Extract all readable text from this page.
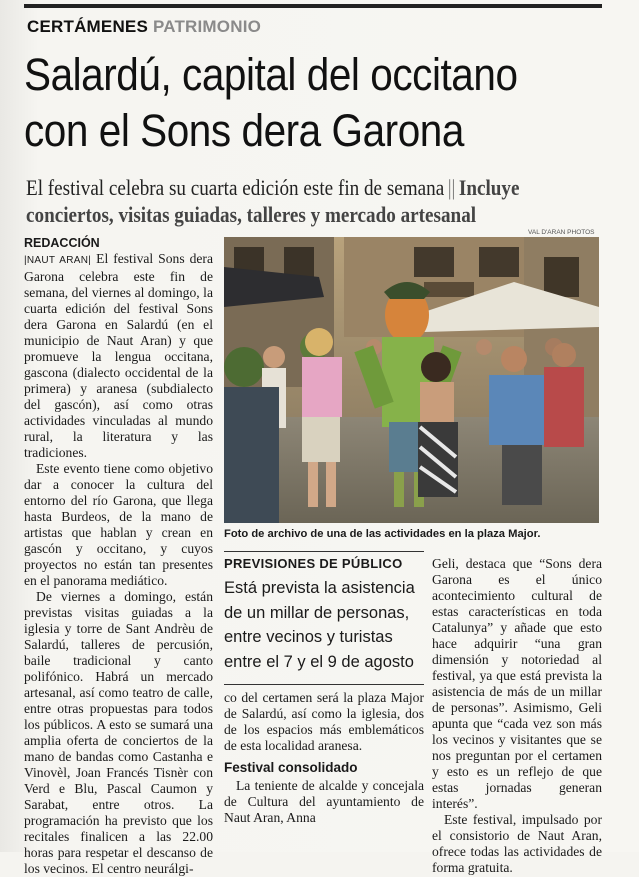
CERTÁMENES PATRIMONIO
Salardú, capital del occitano
con el Sons dera Garona
El festival celebra su cuarta edición este fin de semana || Incluye
conciertos, visitas guiadas, talleres y mercado artesanal
REDACCIÓN

|NAUT ARAN| El festival Sons dera Garona celebra este fin de semana, del viernes al domingo, la cuarta edición del festival Sons dera Garona en Salardú (en el municipio de Naut Aran) y que promueve la lengua occitana, gascona (dialecto occidental de la primera) y aranesa (subdialecto del gascón), así como otras actividades vinculadas al mundo rural, la literatura y las tradiciones.

Este evento tiene como objetivo dar a conocer la cultura del entorno del río Garona, que llega hasta Burdeos, de la mano de artistas que hablan y crean en gascón y occitano, y cuyos proyectos no están tan presentes en el panorama mediático.

De viernes a domingo, están previstas visitas guiadas a la iglesia y torre de Sant Andrèu de Salardú, talleres de percusión, baile tradicional y canto polifónico. Habrá un mercado artesanal, así como teatro de calle, entre otras propuestas para todos los públicos. A esto se sumará una amplia oferta de conciertos de la mano de bandas como Castanha e Vinovèl, Joan Francés Tisnèr con Verd e Blu, Pascal Caumon y Sarabat, entre otros. La programación ha previsto que los recitales finalicen a las 22.00 horas para respetar el descanso de los vecinos. El centro neurálgi-

VAL D'ARAN PHOTOS
Foto de archivo de una de las actividades en la plaza Major.
PREVISIONES DE PÚBLICO
Está prevista la asistencia de un millar de personas, entre vecinos y turistas entre el 7 y el 9 de agosto

co del certamen será la plaza Major de Salardú, así como la iglesia, dos de los espacios más emblemáticos de esta localidad aranesa.

Festival consolidado

La teniente de alcalde y concejala de Cultura del ayuntamiento de Naut Aran, Anna

Geli, destaca que “Sons dera Garona es el único acontecimiento cultural de estas características en toda Catalunya” y añade que esto hace adquirir “una gran dimensión y notoriedad al festival, ya que está prevista la asistencia de más de un millar de personas”. Asimismo, Geli apunta que “cada vez son más los vecinos y visitantes que se nos preguntan por el certamen y esto es un reflejo de que estas jornadas generan interés”.

Este festival, impulsado por el consistorio de Naut Aran, ofrece todas las actividades de forma gratuita.
